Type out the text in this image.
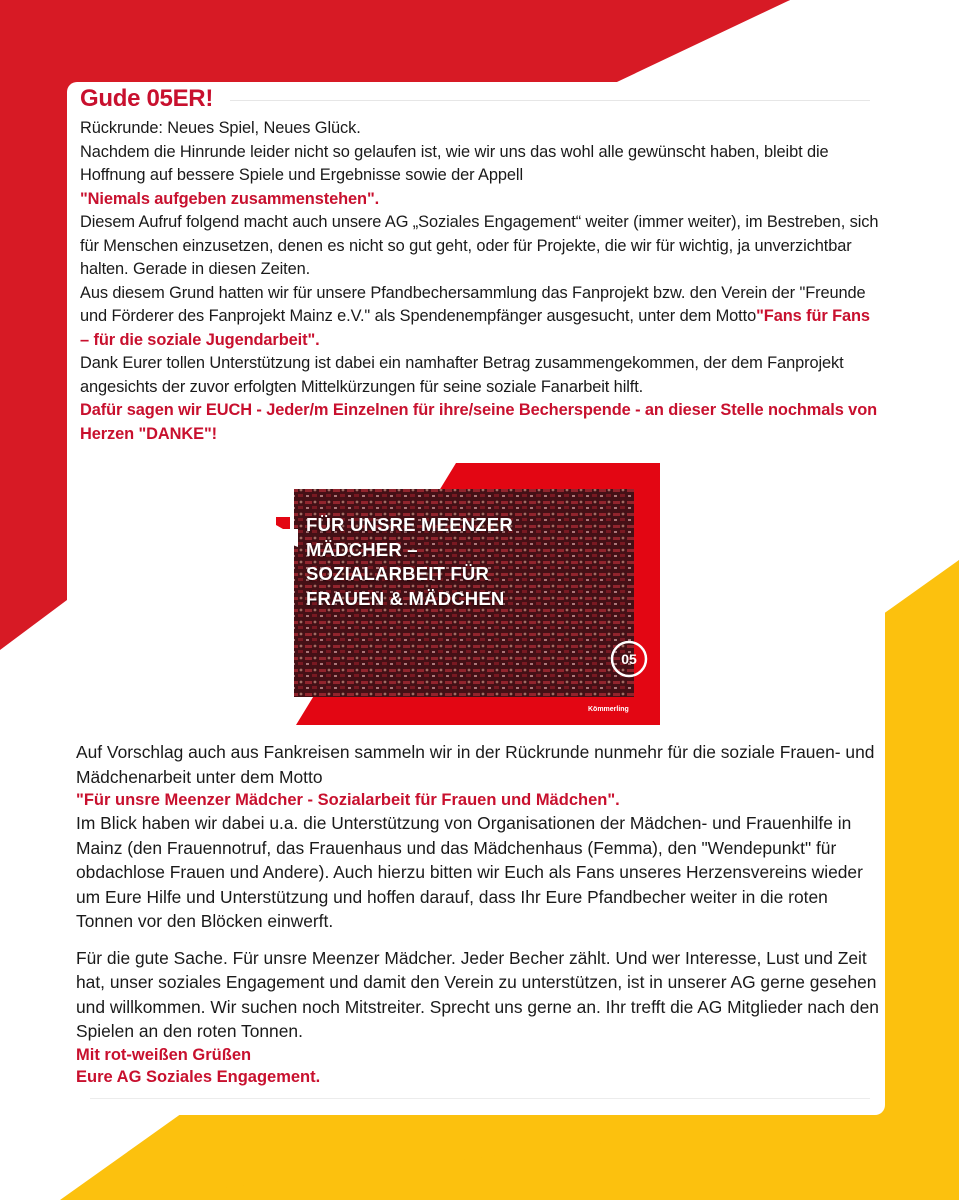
Gude 05ER!

Rückrunde: Neues Spiel, Neues Glück.

Nachdem die Hinrunde leider nicht so gelaufen ist, wie wir uns das wohl alle gewünscht haben, bleibt die Hoffnung auf bessere Spiele und Ergebnisse sowie der Appell

"Niemals aufgeben zusammenstehen".

Diesem Aufruf folgend macht auch unsere AG „Soziales Engagement“ weiter (immer weiter), im Bestreben, sich für Menschen einzusetzen, denen es nicht so gut geht, oder für Projekte, die wir für wichtig, ja unverzichtbar halten. Gerade in diesen Zeiten.

Aus diesem Grund hatten wir für unsere Pfandbechersammlung das Fanprojekt bzw. den Verein der "Freunde und Förderer des Fanprojekt Mainz e.V." als Spendenempfänger ausgesucht, unter dem Motto"Fans für Fans – für die soziale Jugendarbeit".

Dank Eurer tollen Unterstützung ist dabei ein namhafter Betrag zusammengekommen, der dem Fanprojekt angesichts der zuvor erfolgten Mittelkürzungen für seine soziale Fanarbeit hilft.

Dafür sagen wir EUCH - Jeder/m Einzelnen für ihre/seine Becherspende - an dieser Stelle nochmals von Herzen "DANKE"!

05
Kömmerling

FÜR UNSRE MEENZER MÄDCHER – SOZIALARBEIT FÜR FRAUEN & MÄDCHEN

Auf Vorschlag auch aus Fankreisen sammeln wir in der Rückrunde nunmehr für die soziale Frauen- und Mädchenarbeit unter dem Motto

"Für unsre Meenzer Mädcher - Sozialarbeit für Frauen und Mädchen".

Im Blick haben wir dabei u.a. die Unterstützung von Organisationen der Mädchen- und Frauenhilfe in Mainz (den Frauennotruf, das Frauenhaus und das Mädchenhaus (Femma), den "Wendepunkt" für obdachlose Frauen und Andere). Auch hierzu bitten wir Euch als Fans unseres Herzensvereins wieder um Eure Hilfe und Unterstützung und hoffen darauf, dass Ihr Eure Pfandbecher weiter in die roten Tonnen vor den Blöcken einwerft.

Für die gute Sache. Für unsre Meenzer Mädcher. Jeder Becher zählt. Und wer Interesse, Lust und Zeit hat, unser soziales Engagement und damit den Verein zu unterstützen, ist in unserer AG gerne gesehen und willkommen. Wir suchen noch Mitstreiter. Sprecht uns gerne an. Ihr trefft die AG Mitglieder nach den Spielen an den roten Tonnen.

Mit rot-weißen Grüßen

Eure AG Soziales Engagement.
